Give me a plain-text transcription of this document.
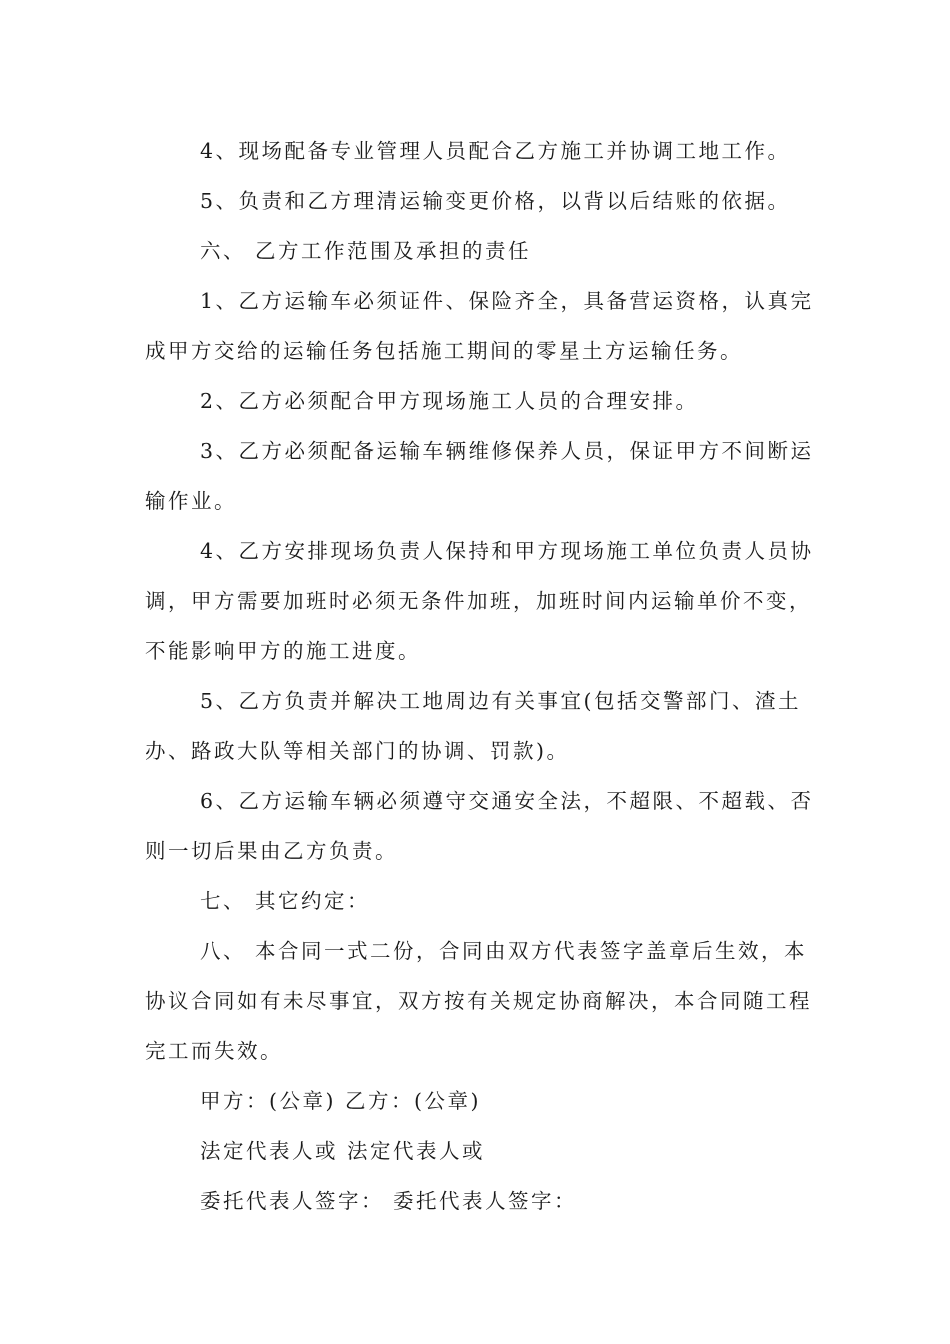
4、现场配备专业管理人员配合乙方施工并协调工地工作。
5、负责和乙方理清运输变更价格，以背以后结账的依据。
六、 乙方工作范围及承担的责任
1、乙方运输车必须证件、保险齐全，具备营运资格，认真完
成甲方交给的运输任务包括施工期间的零星土方运输任务。
2、乙方必须配合甲方现场施工人员的合理安排。
3、乙方必须配备运输车辆维修保养人员，保证甲方不间断运
输作业。
4、乙方安排现场负责人保持和甲方现场施工单位负责人员协
调，甲方需要加班时必须无条件加班，加班时间内运输单价不变，
不能影响甲方的施工进度。
5、乙方负责并解决工地周边有关事宜(包括交警部门、渣土
办、路政大队等相关部门的协调、罚款)。
6、乙方运输车辆必须遵守交通安全法，不超限、不超载、否
则一切后果由乙方负责。
七、 其它约定：
八、 本合同一式二份，合同由双方代表签字盖章后生效，本
协议合同如有未尽事宜，双方按有关规定协商解决，本合同随工程
完工而失效。
甲方：(公章) 乙方：(公章)
法定代表人或 法定代表人或
委托代表人签字： 委托代表人签字：
